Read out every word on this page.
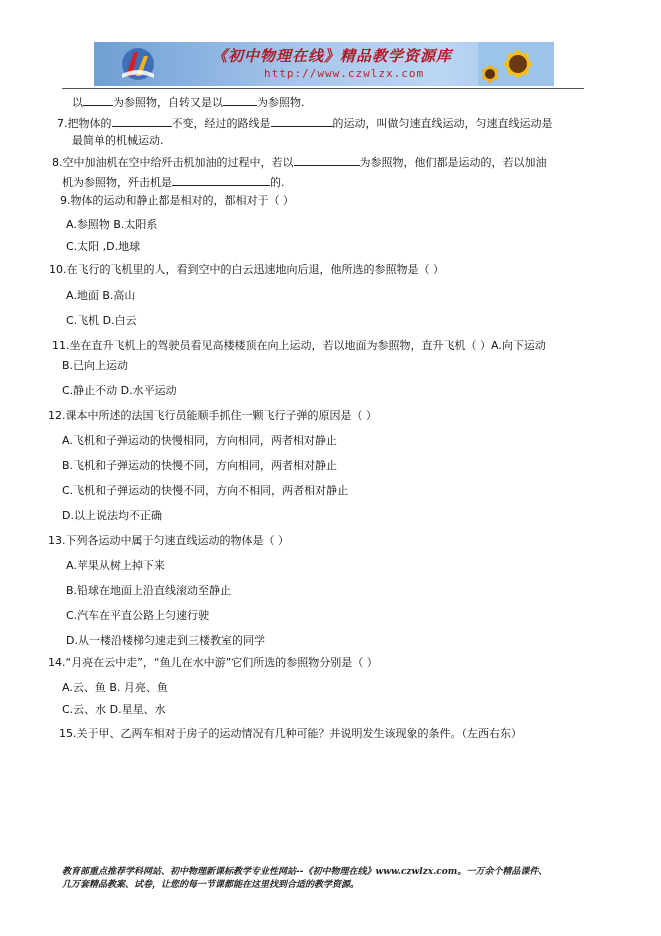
《初中物理在线》精品教学资源库
http://www.czwlzx.com
以	为参照物，自转又是以	为参照物.
7.把物体的	不变，经过的路线是	的运动，叫做匀速直线运动，匀速直线运动是
最简单的机械运动.
8.空中加油机在空中给歼击机加油的过程中，若以	为参照物，他们都是运动的，若以加油
机为参照物，歼击机是	的.
9.物体的运动和静止都是相对的，都相对于（ ）
A.参照物 B.太阳系
C.太阳 ,D.地球
10.在飞行的飞机里的人，看到空中的白云迅速地向后退，他所选的参照物是（ ）
A.地面 B.高山
C.飞机 D.白云
11.坐在直升飞机上的驾驶员看见高楼楼顶在向上运动，若以地面为参照物，直升飞机（ ）A.向下运动
B.已向上运动
C.静止不动 D.水平运动
12.课本中所述的法国飞行员能顺手抓住一颗飞行子弹的原因是（ ）
A.飞机和子弹运动的快慢相同，方向相同，两者相对静止
B.飞机和子弹运动的快慢不同，方向相同，两者相对静止
C.飞机和子弹运动的快慢不同，方向不相同，两者相对静止
D.以上说法均不正确
13.下列各运动中属于匀速直线运动的物体是（ ）
A.苹果从树上掉下来
B.铅球在地面上沿直线滚动至静止
C.汽车在平直公路上匀速行驶
D.从一楼沿楼梯匀速走到三楼教室的同学
14.“月亮在云中走”，“鱼儿在水中游”它们所选的参照物分别是（ ）
A.云、鱼 B. 月亮、鱼
C.云、水 D.星星、水
15.关于甲、乙两车相对于房子的运动情况有几种可能？并说明发生该现象的条件。（左西右东）
教育部重点推荐学科网站、初中物理新课标教学专业性网站--《初中物理在线》www.czwlzx.com。一万余个精品课件、
几万套精品教案、试卷，让您的每一节课都能在这里找到合适的教学资源。
